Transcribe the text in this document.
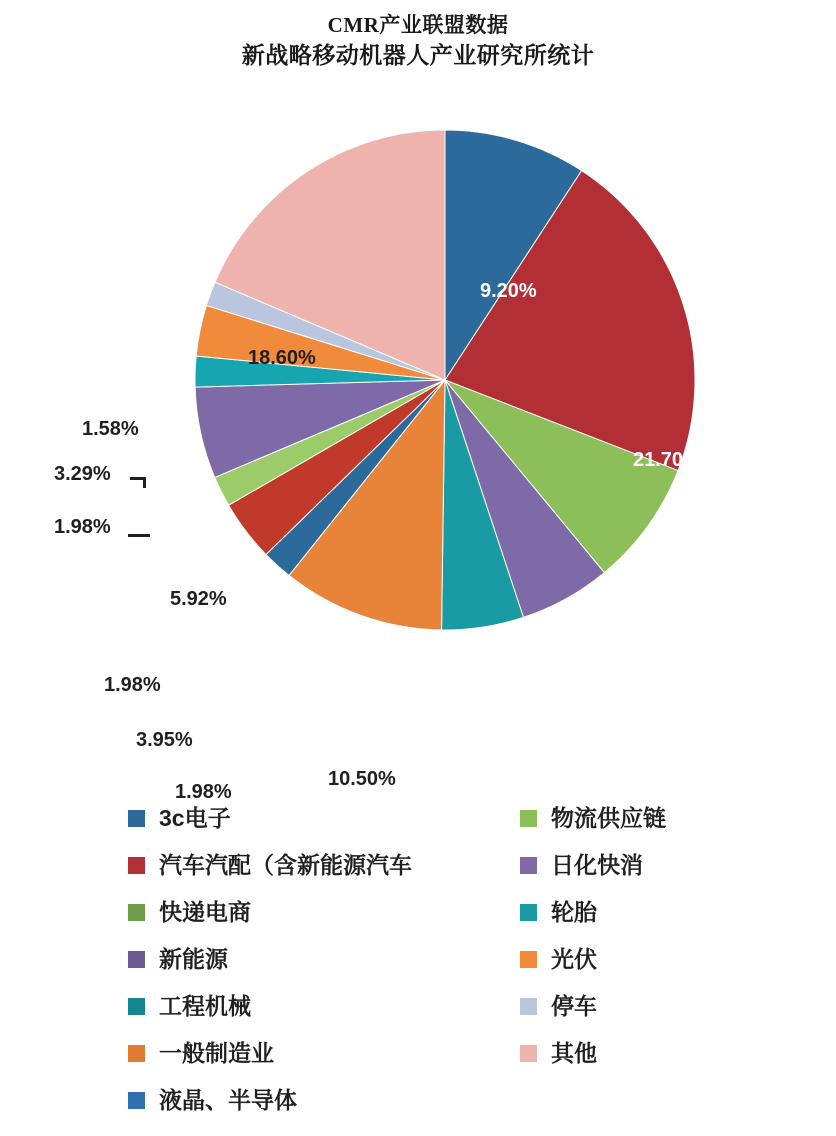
CMR产业联盟数据
新战略移动机器人产业研究所统计
9.20%
21.70%
8.10%
5.92%
5.30%
10.50%
1.98%
3.95%
1.98%
5.92%
1.98%
3.29%
1.58%
18.60%
3c电子
汽车汽配（含新能源汽车
快递电商
新能源
工程机械
一般制造业
液晶、半导体
物流供应链
日化快消
轮胎
光伏
停车
其他
